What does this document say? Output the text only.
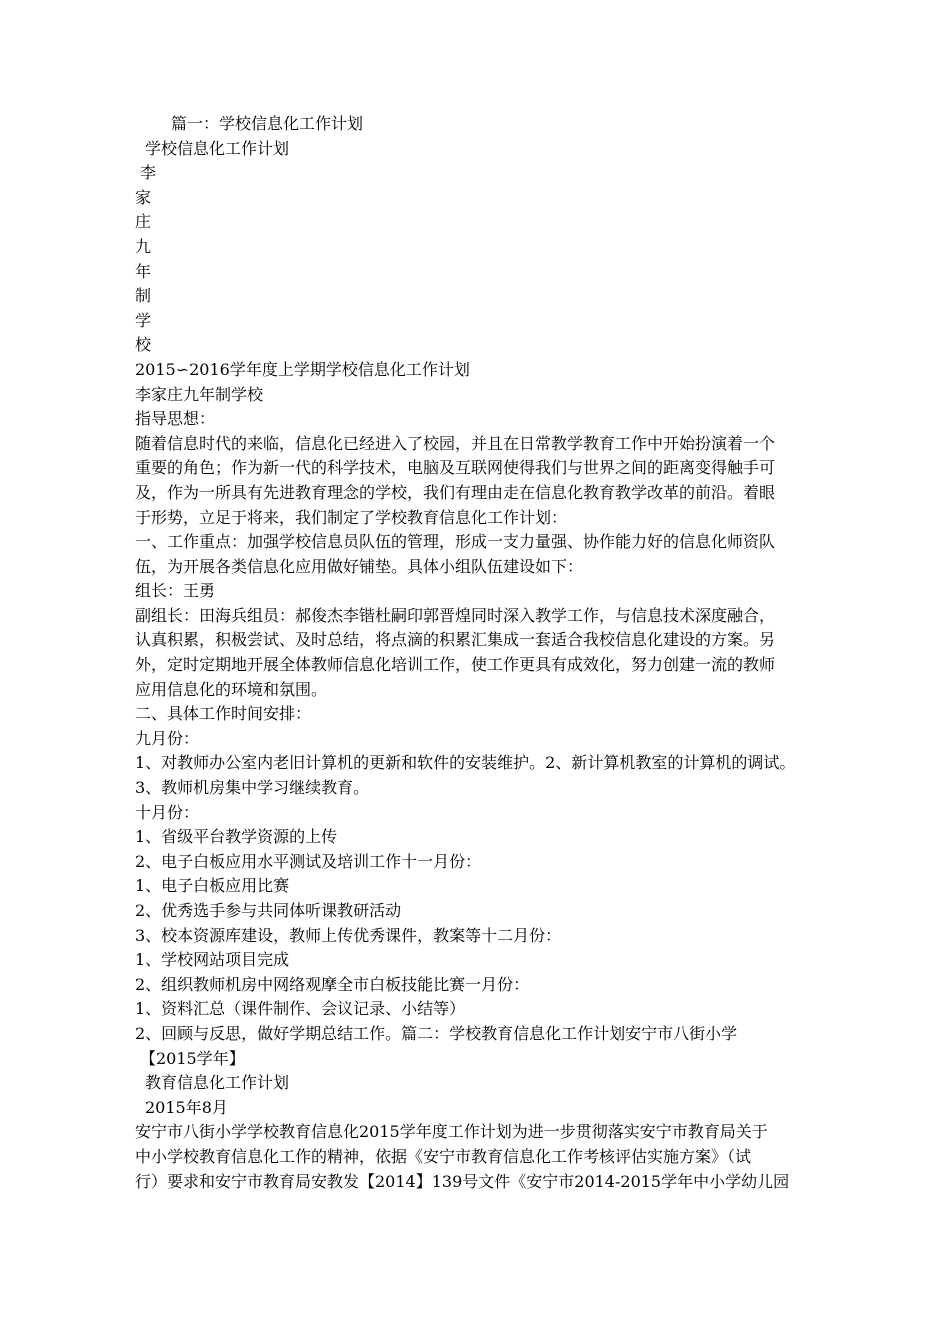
篇一：学校信息化工作计划
学校信息化工作计划
李
家
庄
九
年
制
学
校
2015∽2016学年度上学期学校信息化工作计划
李家庄九年制学校
指导思想：
随着信息时代的来临，信息化已经进入了校园，并且在日常教学教育工作中开始扮演着一个
重要的角色；作为新一代的科学技术，电脑及互联网使得我们与世界之间的距离变得触手可
及，作为一所具有先进教育理念的学校，我们有理由走在信息化教育教学改革的前沿。着眼
于形势，立足于将来，我们制定了学校教育信息化工作计划：
一、工作重点：加强学校信息员队伍的管理，形成一支力量强、协作能力好的信息化师资队
伍，为开展各类信息化应用做好铺垫。具体小组队伍建设如下：
组长：王勇
副组长：田海兵组员：郝俊杰李锴杜嗣印郭晋煌同时深入教学工作，与信息技术深度融合，
认真积累，积极尝试、及时总结，将点滴的积累汇集成一套适合我校信息化建设的方案。另
外，定时定期地开展全体教师信息化培训工作，使工作更具有成效化，努力创建一流的教师
应用信息化的环境和氛围。
二、具体工作时间安排：
九月份：
1、对教师办公室内老旧计算机的更新和软件的安装维护。2、新计算机教室的计算机的调试。
3、教师机房集中学习继续教育。
十月份：
1、省级平台教学资源的上传
2、电子白板应用水平测试及培训工作十一月份：
1、电子白板应用比赛
2、优秀选手参与共同体听课教研活动
3、校本资源库建设，教师上传优秀课件，教案等十二月份：
1、学校网站项目完成
2、组织教师机房中网络观摩全市白板技能比赛一月份：
1、资料汇总（课件制作、会议记录、小结等）
2、回顾与反思，做好学期总结工作。篇二：学校教育信息化工作计划安宁市八街小学
【2015学年】
教育信息化工作计划
2015年8月
安宁市八街小学学校教育信息化2015学年度工作计划为进一步贯彻落实安宁市教育局关于
中小学校教育信息化工作的精神，依据《安宁市教育信息化工作考核评估实施方案》（试
行）要求和安宁市教育局安教发【2014】139号文件《安宁市2014-2015学年中小学幼儿园
